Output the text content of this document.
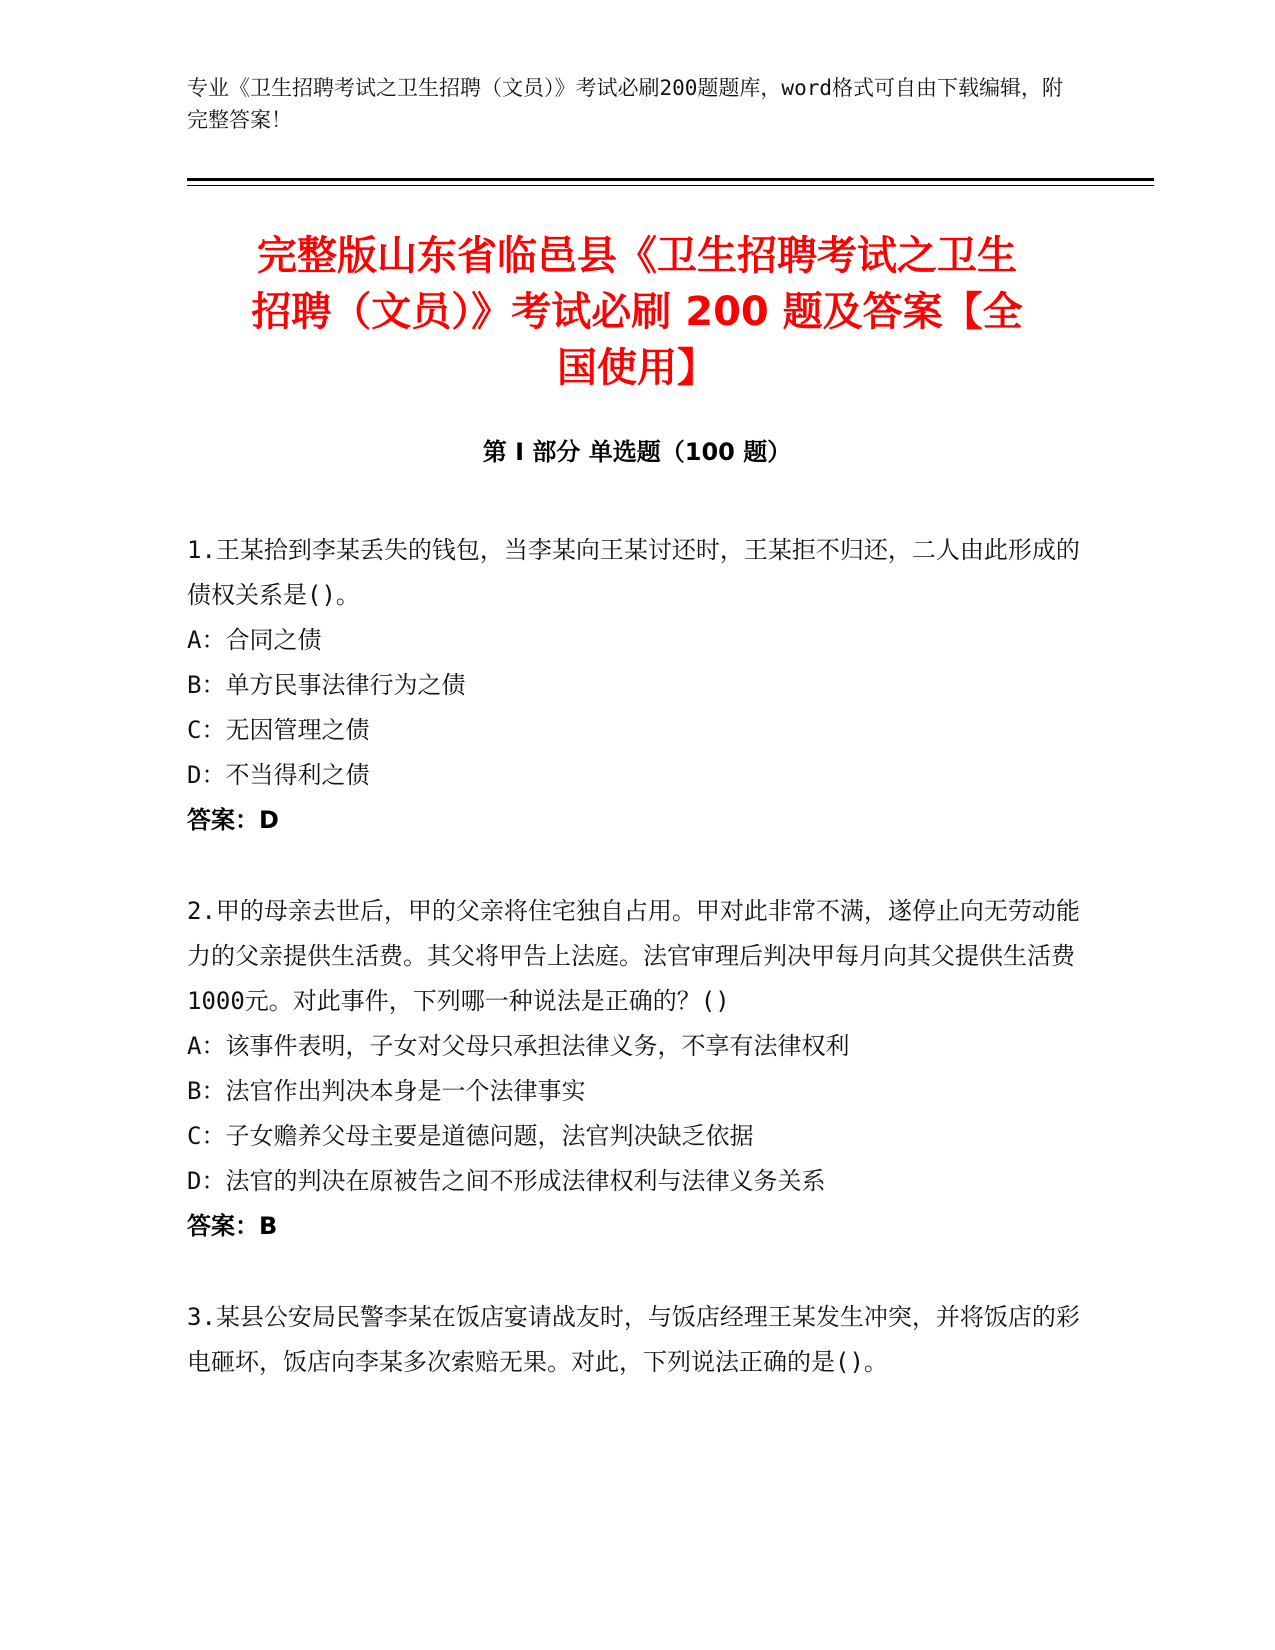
专业《卫生招聘考试之卫生招聘（文员）》考试必刷200题题库，word格式可自由下载编辑，附完整答案！
完整版山东省临邑县《卫生招聘考试之卫生
招聘（文员）》考试必刷 200 题及答案【全
国使用】
第 I 部分 单选题（100 题）
1.王某拾到李某丢失的钱包，当李某向王某讨还时，王某拒不归还，二人由此形成的债权关系是()。
A：合同之债
B：单方民事法律行为之债
C：无因管理之债
D：不当得利之债
答案：D
2.甲的母亲去世后，甲的父亲将住宅独自占用。甲对此非常不满，遂停止向无劳动能力的父亲提供生活费。其父将甲告上法庭。法官审理后判决甲每月向其父提供生活费1000元。对此事件，下列哪一种说法是正确的？()
A：该事件表明，子女对父母只承担法律义务，不享有法律权利
B：法官作出判决本身是一个法律事实
C：子女赡养父母主要是道德问题，法官判决缺乏依据
D：法官的判决在原被告之间不形成法律权利与法律义务关系
答案：B
3.某县公安局民警李某在饭店宴请战友时，与饭店经理王某发生冲突，并将饭店的彩电砸坏，饭店向李某多次索赔无果。对此，下列说法正确的是()。
